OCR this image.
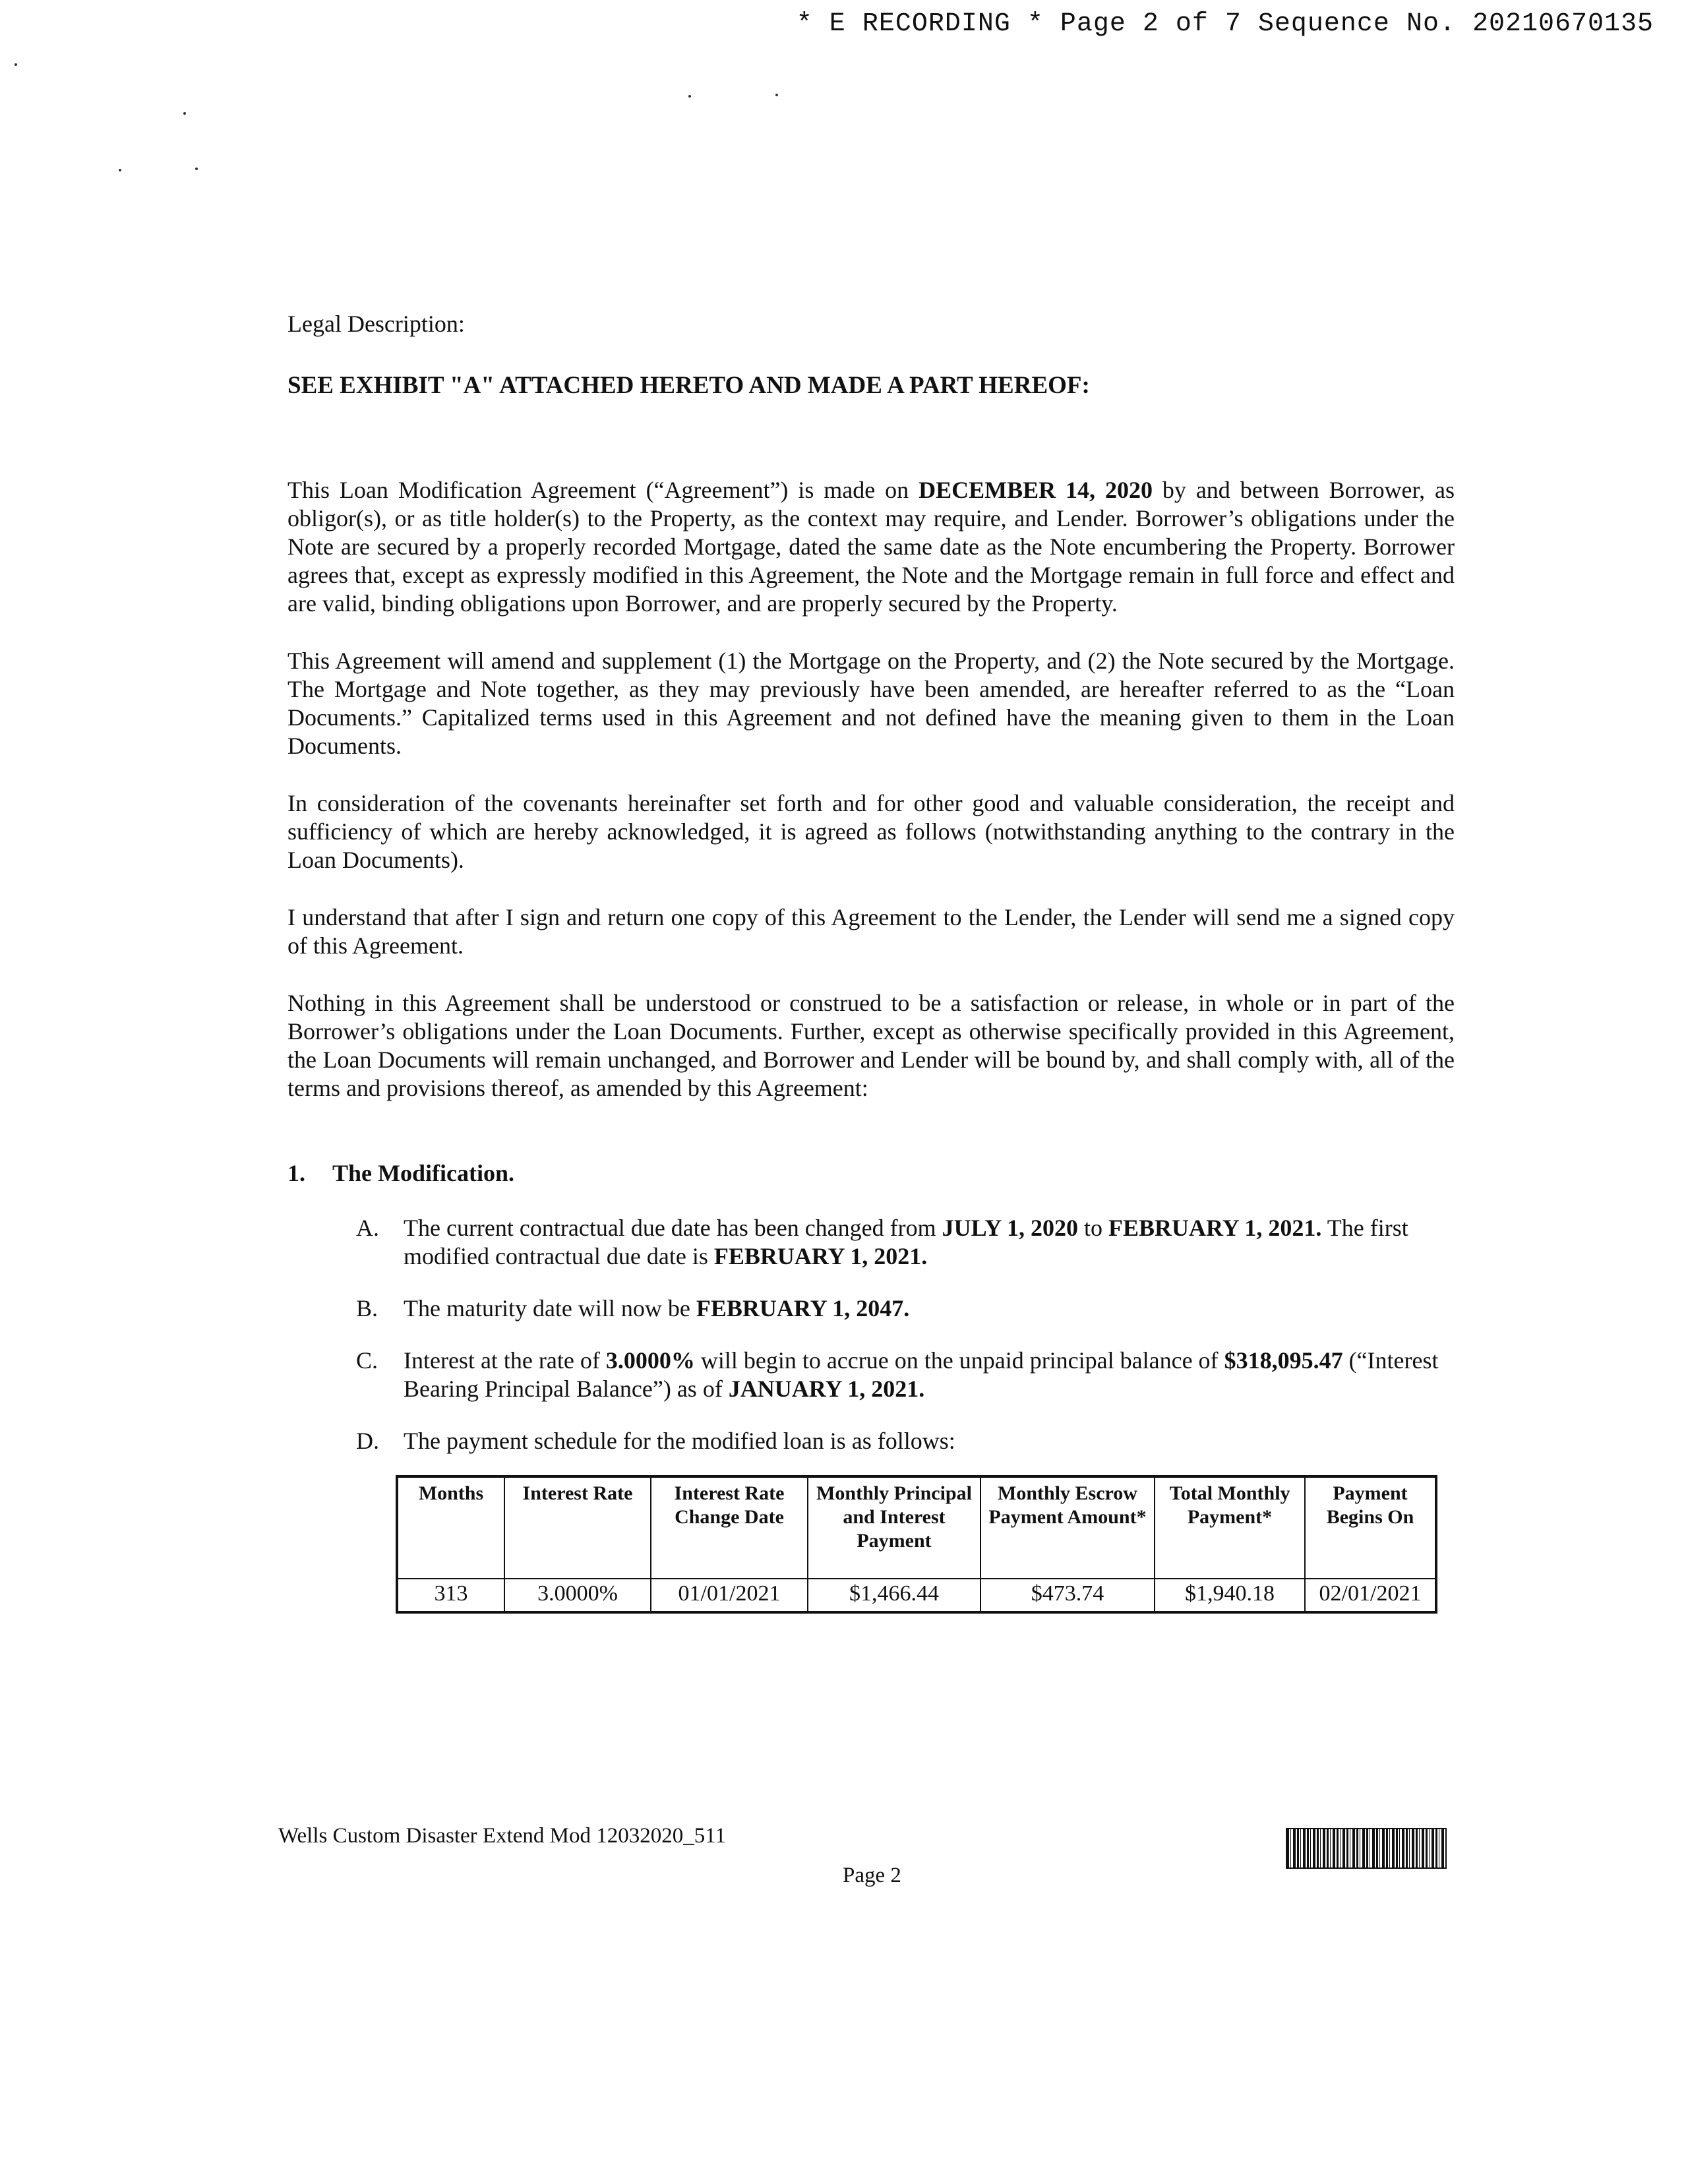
* E RECORDING * Page 2 of 7 Sequence No. 20210670135

Legal Description:

SEE EXHIBIT "A" ATTACHED HERETO AND MADE A PART HEREOF:

This Loan Modification Agreement (“Agreement”) is made on DECEMBER 14, 2020 by and between Borrower, as obligor(s), or as title holder(s) to the Property, as the context may require, and Lender. Borrower’s obligations under the Note are secured by a properly recorded Mortgage, dated the same date as the Note encumbering the Property. Borrower agrees that, except as expressly modified in this Agreement, the Note and the Mortgage remain in full force and effect and are valid, binding obligations upon Borrower, and are properly secured by the Property.

This Agreement will amend and supplement (1) the Mortgage on the Property, and (2) the Note secured by the Mortgage. The Mortgage and Note together, as they may previously have been amended, are hereafter referred to as the “Loan Documents.” Capitalized terms used in this Agreement and not defined have the meaning given to them in the Loan Documents.

In consideration of the covenants hereinafter set forth and for other good and valuable consideration, the receipt and sufficiency of which are hereby acknowledged, it is agreed as follows (notwithstanding anything to the contrary in the Loan Documents).

I understand that after I sign and return one copy of this Agreement to the Lender, the Lender will send me a signed copy of this Agreement.

Nothing in this Agreement shall be understood or construed to be a satisfaction or release, in whole or in part of the Borrower’s obligations under the Loan Documents. Further, except as otherwise specifically provided in this Agreement, the Loan Documents will remain unchanged, and Borrower and Lender will be bound by, and shall comply with, all of the terms and provisions thereof, as amended by this Agreement:

1.	The Modification.
A.	The current contractual due date has been changed from JULY 1, 2020 to FEBRUARY 1, 2021. The first modified contractual due date is FEBRUARY 1, 2021.
B.	The maturity date will now be FEBRUARY 1, 2047.
C.	Interest at the rate of 3.0000% will begin to accrue on the unpaid principal balance of $318,095.47 (“Interest Bearing Principal Balance”) as of JANUARY 1, 2021.
D.	The payment schedule for the modified loan is as follows:
Months	Interest Rate	Interest Rate Change Date	Monthly Principal and Interest Payment	Monthly Escrow Payment Amount*	Total Monthly Payment*	Payment Begins On
313	3.0000%	01/01/2021	$1,466.44	$473.74	$1,940.18	02/01/2021
Wells Custom Disaster Extend Mod 12032020_511
Page 2
